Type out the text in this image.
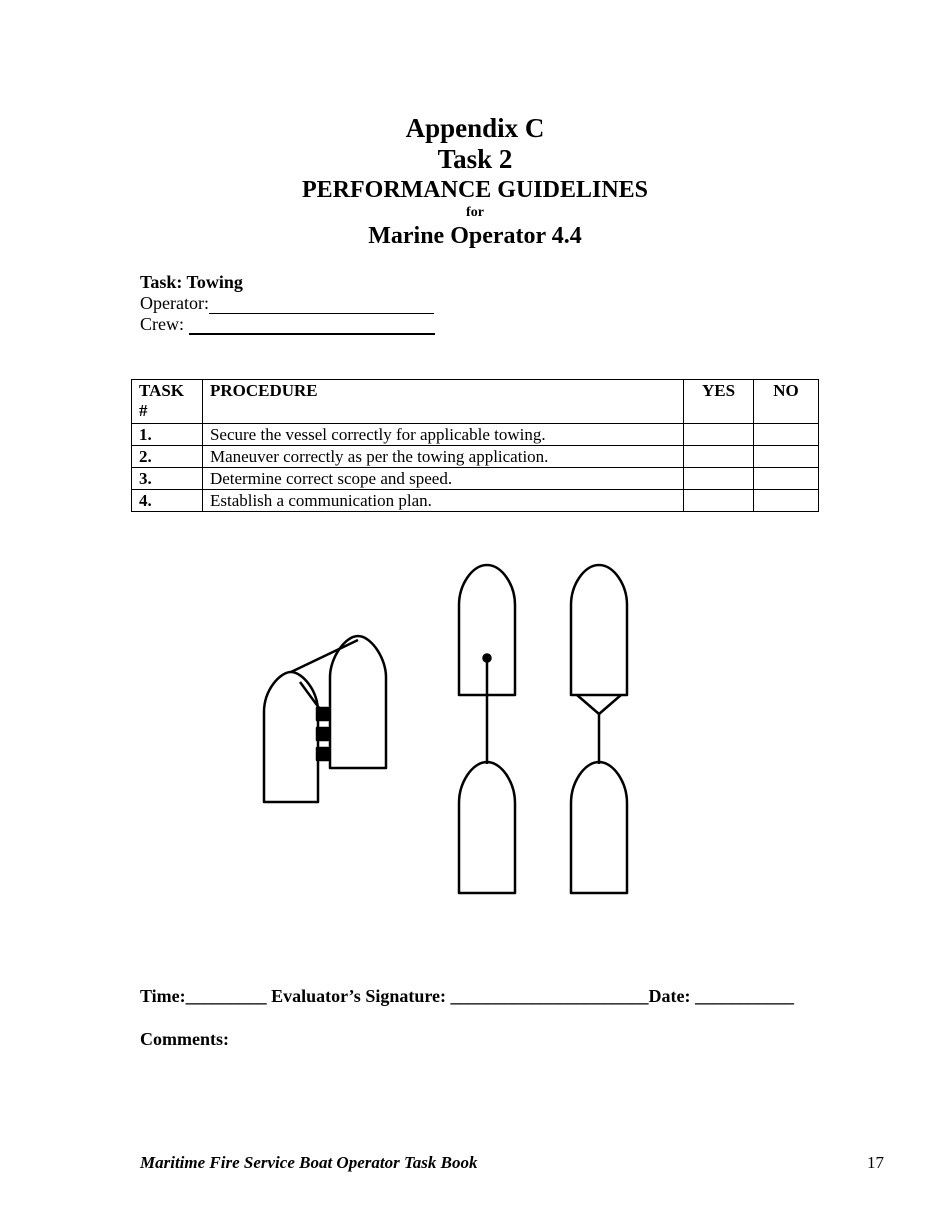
Appendix C
Task 2
PERFORMANCE GUIDELINES
for
Marine Operator 4.4
Task: Towing
Operator:
Crew:
TASK #	PROCEDURE	YES	NO
1.	Secure the vessel correctly for applicable towing.		
2.	Maneuver correctly as per the towing application.		
3.	Determine correct scope and speed.		
4.	Establish a communication plan.		
Time:_________ Evaluator’s Signature: ______________________Date: ___________
Comments:
Maritime Fire Service Boat Operator Task Book	17
